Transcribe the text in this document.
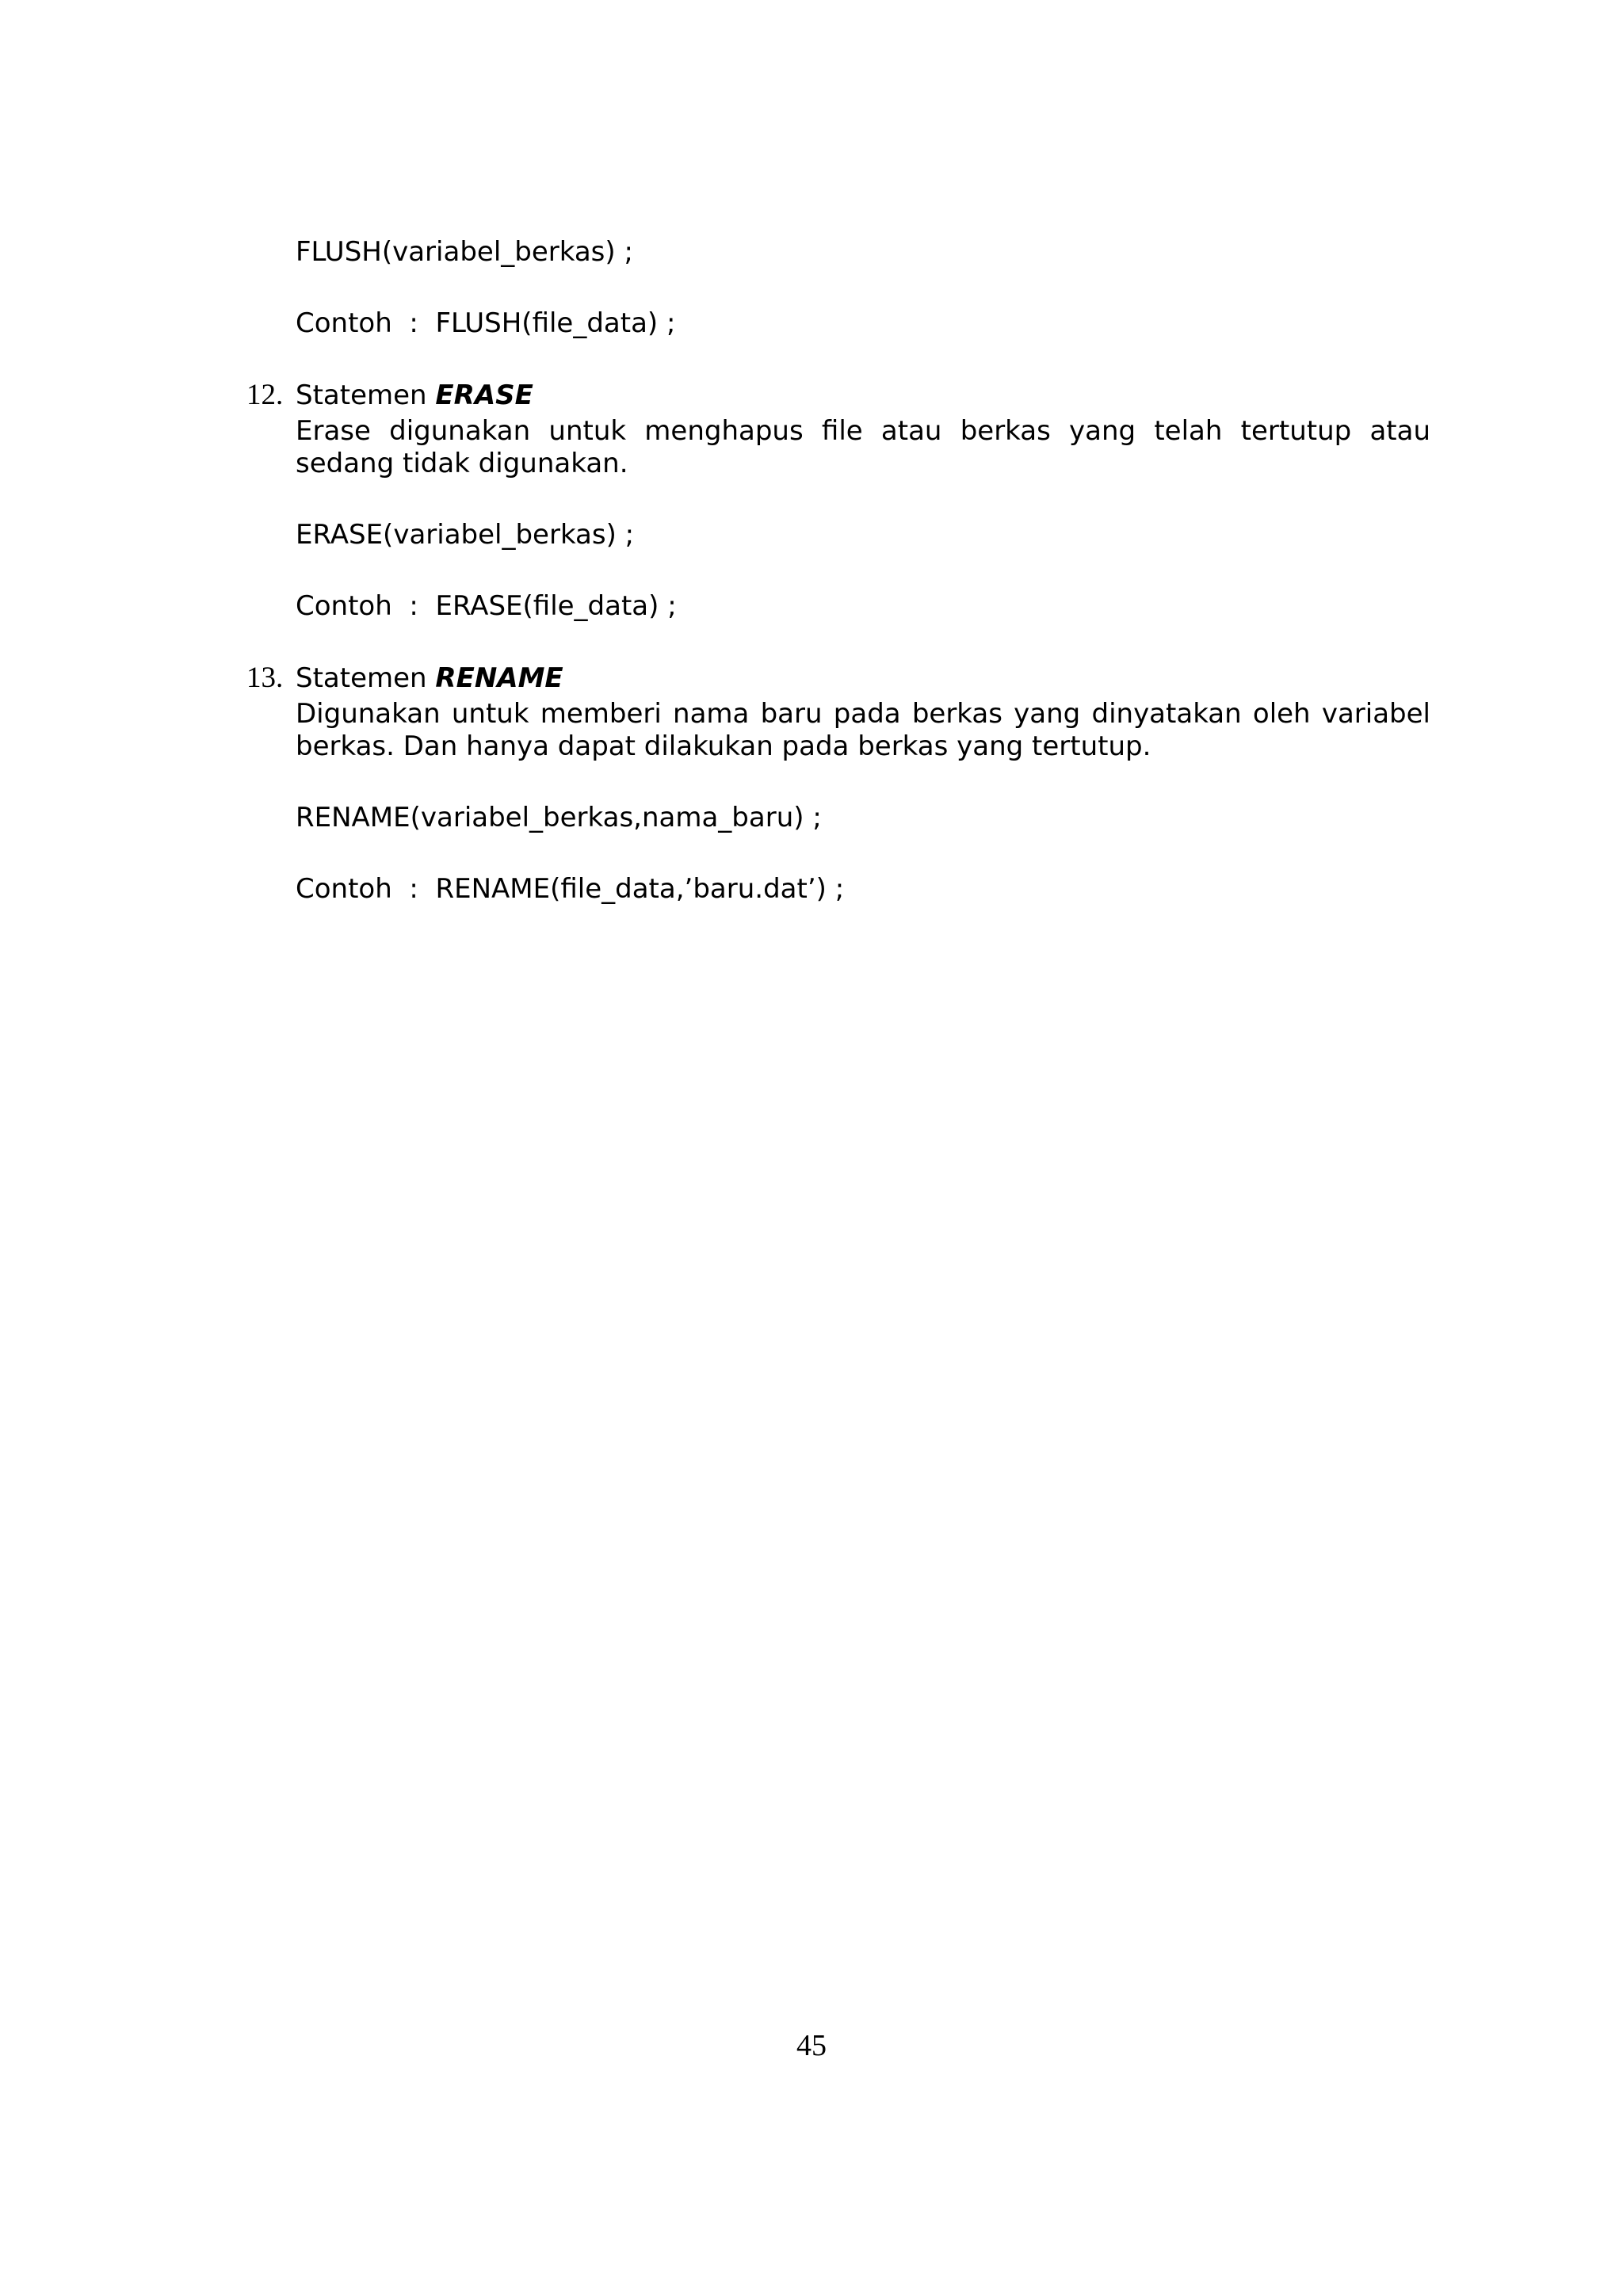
FLUSH(variabel_berkas) ;
Contoh  :  FLUSH(file_data) ;
12. Statemen ERASE
Erase digunakan untuk menghapus file atau berkas yang telah tertutup atau
sedang tidak digunakan.
ERASE(variabel_berkas) ;
Contoh  :  ERASE(file_data) ;
13. Statemen RENAME
Digunakan untuk memberi nama baru pada berkas yang dinyatakan oleh variabel
berkas. Dan hanya dapat dilakukan pada berkas yang tertutup.
RENAME(variabel_berkas,nama_baru) ;
Contoh  :  RENAME(file_data,’baru.dat’) ;
45
